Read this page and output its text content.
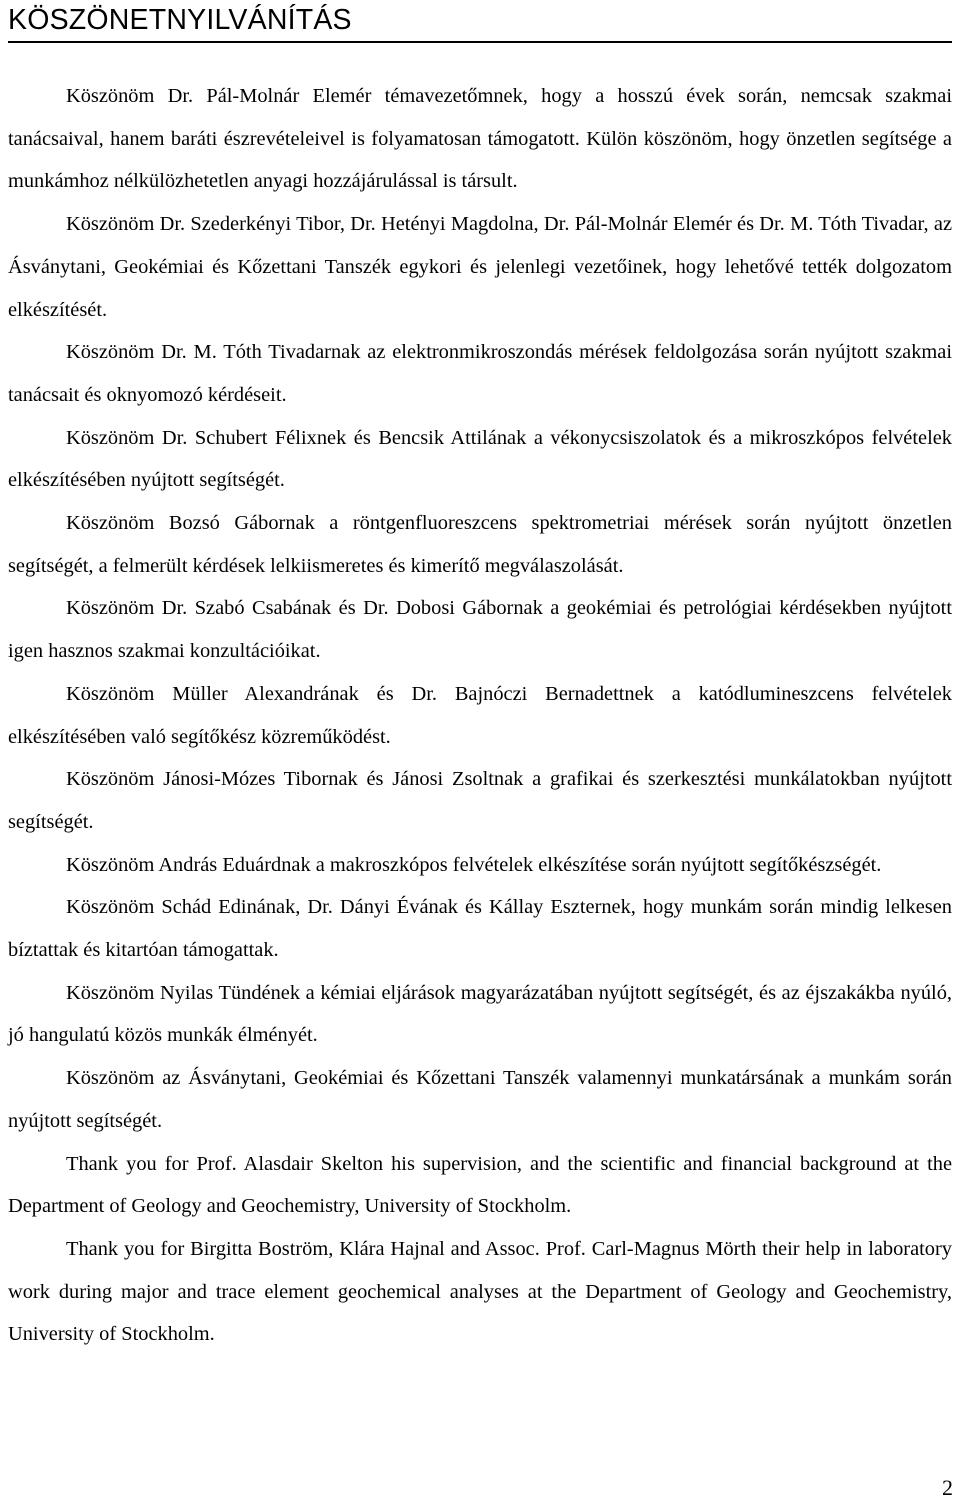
KÖSZÖNETNYILVÁNÍTÁS

Köszönöm Dr. Pál-Molnár Elemér témavezetőmnek, hogy a hosszú évek során, nemcsak szakmai tanácsaival, hanem baráti észrevételeivel is folyamatosan támogatott. Külön köszönöm, hogy önzetlen segítsége a munkámhoz nélkülözhetetlen anyagi hozzájárulással is társult.

Köszönöm Dr. Szederkényi Tibor, Dr. Hetényi Magdolna, Dr. Pál-Molnár Elemér és Dr. M. Tóth Tivadar, az Ásványtani, Geokémiai és Kőzettani Tanszék egykori és jelenlegi vezetőinek, hogy lehetővé tették dolgozatom elkészítését.

Köszönöm Dr. M. Tóth Tivadarnak az elektronmikroszondás mérések feldolgozása során nyújtott szakmai tanácsait és oknyomozó kérdéseit.

Köszönöm Dr. Schubert Félixnek és Bencsik Attilának a vékonycsiszolatok és a mikroszkópos felvételek elkészítésében nyújtott segítségét.

Köszönöm Bozsó Gábornak a röntgenfluoreszcens spektrometriai mérések során nyújtott önzetlen segítségét, a felmerült kérdések lelkiismeretes és kimerítő megválaszolását.

Köszönöm Dr. Szabó Csabának és Dr. Dobosi Gábornak a geokémiai és petrológiai kérdésekben nyújtott igen hasznos szakmai konzultációikat.

Köszönöm Müller Alexandrának és Dr. Bajnóczi Bernadettnek a katódlumineszcens felvételek elkészítésében való segítőkész közreműködést.

Köszönöm Jánosi-Mózes Tibornak és Jánosi Zsoltnak a grafikai és szerkesztési munkálatokban nyújtott segítségét.

Köszönöm András Eduárdnak a makroszkópos felvételek elkészítése során nyújtott segítőkészségét.

Köszönöm Schád Edinának, Dr. Dányi Évának és Kállay Eszternek, hogy munkám során mindig lelkesen bíztattak és kitartóan támogattak.

Köszönöm Nyilas Tündének a kémiai eljárások magyarázatában nyújtott segítségét, és az éjszakákba nyúló, jó hangulatú közös munkák élményét.

Köszönöm az Ásványtani, Geokémiai és Kőzettani Tanszék valamennyi munkatársának a munkám során nyújtott segítségét.

Thank you for Prof. Alasdair Skelton his supervision, and the scientific and financial background at the Department of Geology and Geochemistry, University of Stockholm.

Thank you for Birgitta Boström, Klára Hajnal and Assoc. Prof. Carl-Magnus Mörth their help in laboratory work during major and trace element geochemical analyses at the Department of Geology and Geochemistry, University of Stockholm.

2
